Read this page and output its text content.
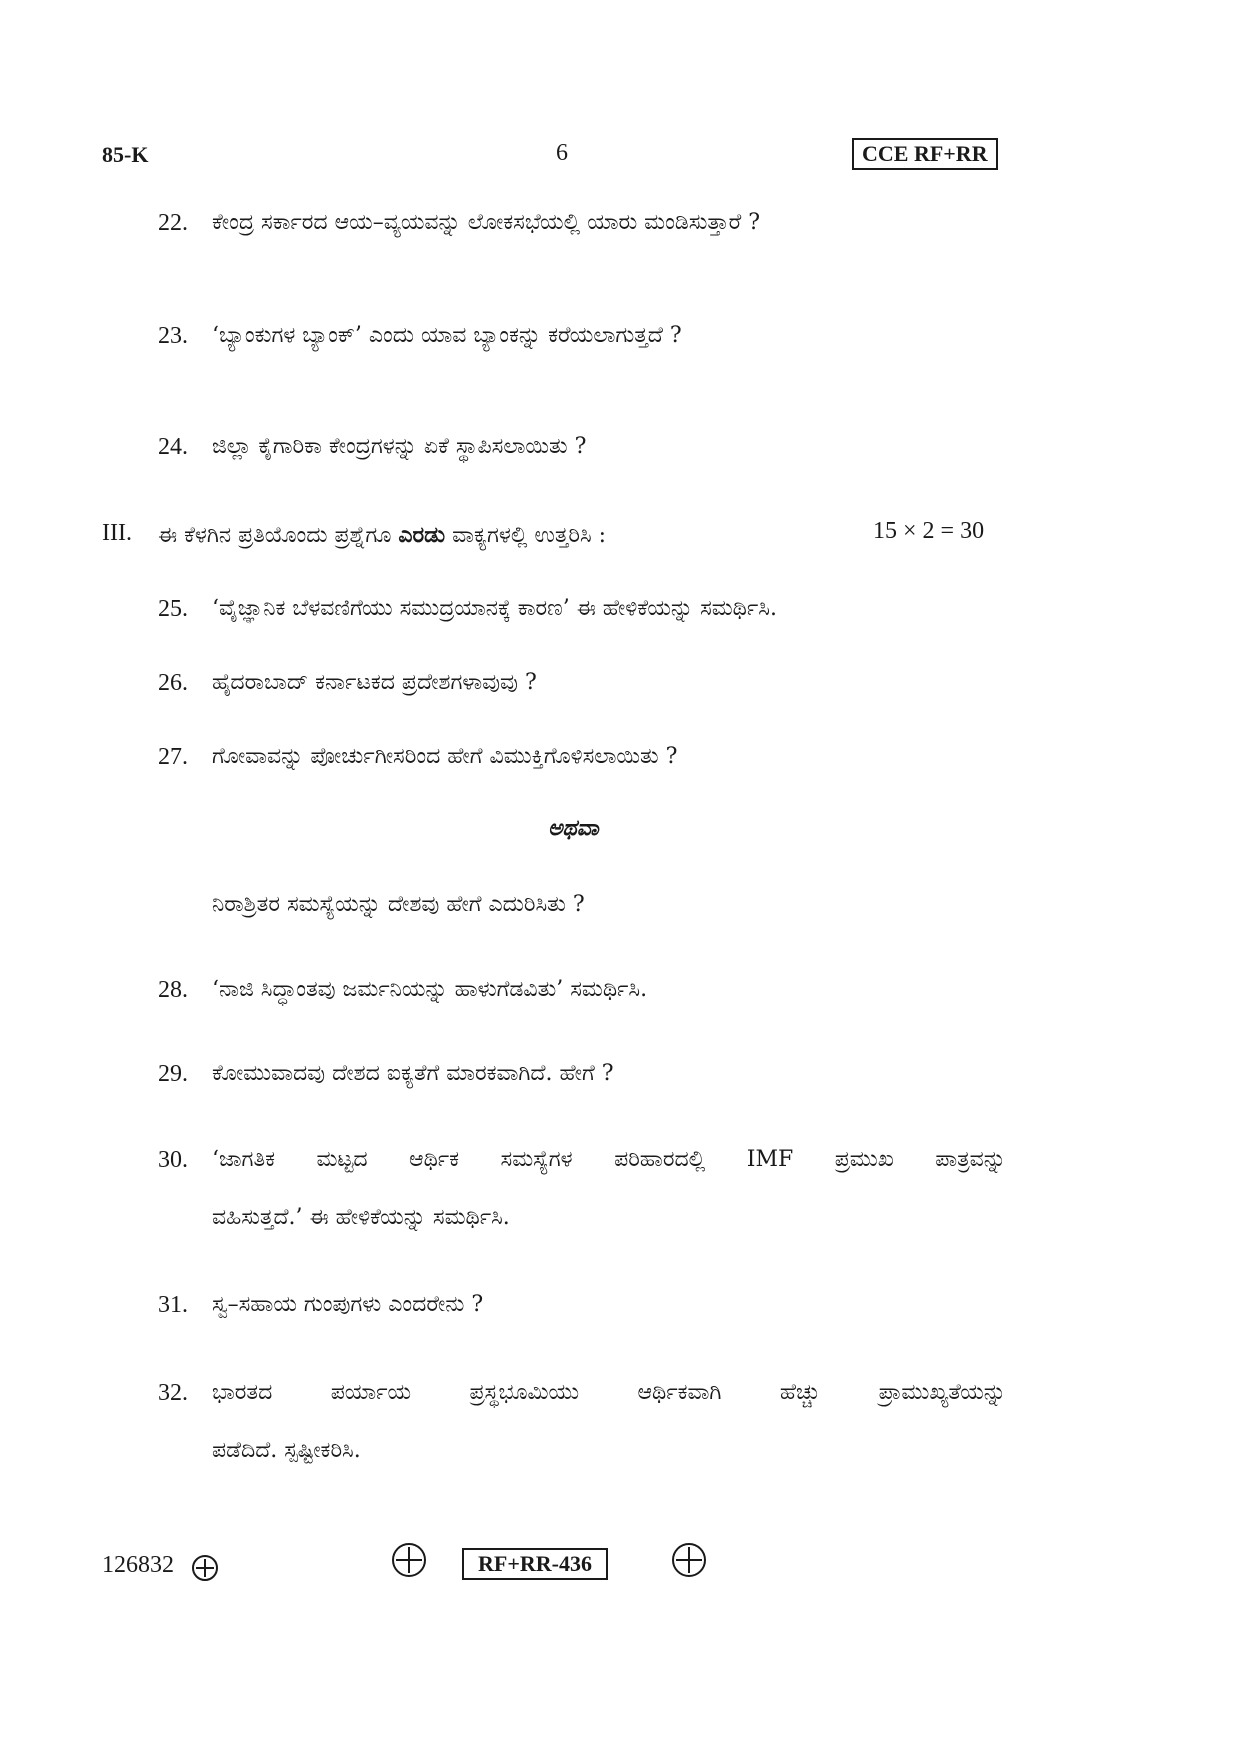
85-K	6	CCE RF+RR
22. ಕೇಂದ್ರ ಸರ್ಕಾರದ ಆಯ–ವ್ಯಯವನ್ನು ಲೋಕಸಭೆಯಲ್ಲಿ ಯಾರು ಮಂಡಿಸುತ್ತಾರೆ ?
23. ‘ಬ್ಯಾಂಕುಗಳ ಬ್ಯಾಂಕ್’ ಎಂದು ಯಾವ ಬ್ಯಾಂಕನ್ನು ಕರೆಯಲಾಗುತ್ತದೆ ?
24. ಜಿಲ್ಲಾ ಕೈಗಾರಿಕಾ ಕೇಂದ್ರಗಳನ್ನು ಏಕೆ ಸ್ಥಾಪಿಸಲಾಯಿತು ?
III. ಈ ಕೆಳಗಿನ ಪ್ರತಿಯೊಂದು ಪ್ರಶ್ನೆಗೂ ಎರಡು ವಾಕ್ಯಗಳಲ್ಲಿ ಉತ್ತರಿಸಿ :	15 × 2 = 30
25. ‘ವೈಜ್ಞಾನಿಕ ಬೆಳವಣಿಗೆಯು ಸಮುದ್ರಯಾನಕ್ಕೆ ಕಾರಣ’ ಈ ಹೇಳಿಕೆಯನ್ನು ಸಮರ್ಥಿಸಿ.
26. ಹೈದರಾಬಾದ್ ಕರ್ನಾಟಕದ ಪ್ರದೇಶಗಳಾವುವು ?
27. ಗೋವಾವನ್ನು ಪೋರ್ಚುಗೀಸರಿಂದ ಹೇಗೆ ವಿಮುಕ್ತಿಗೊಳಿಸಲಾಯಿತು ?
ಅಥವಾ
ನಿರಾಶ್ರಿತರ ಸಮಸ್ಯೆಯನ್ನು ದೇಶವು ಹೇಗೆ ಎದುರಿಸಿತು ?
28. ‘ನಾಜಿ ಸಿದ್ಧಾಂತವು ಜರ್ಮನಿಯನ್ನು ಹಾಳುಗೆಡವಿತು’ ಸಮರ್ಥಿಸಿ.
29. ಕೋಮುವಾದವು ದೇಶದ ಐಕ್ಯತೆಗೆ ಮಾರಕವಾಗಿದೆ. ಹೇಗೆ ?
30. ‘ಜಾಗತಿಕ ಮಟ್ಟದ ಆರ್ಥಿಕ ಸಮಸ್ಯೆಗಳ ಪರಿಹಾರದಲ್ಲಿ IMF ಪ್ರಮುಖ ಪಾತ್ರವನ್ನು
ವಹಿಸುತ್ತದೆ.’ ಈ ಹೇಳಿಕೆಯನ್ನು ಸಮರ್ಥಿಸಿ.
31. ಸ್ವ–ಸಹಾಯ ಗುಂಪುಗಳು ಎಂದರೇನು ?
32. ಭಾರತದ ಪರ್ಯಾಯ ಪ್ರಸ್ಥಭೂಮಿಯು ಆರ್ಥಿಕವಾಗಿ ಹೆಚ್ಚು ಪ್ರಾಮುಖ್ಯತೆಯನ್ನು
ಪಡೆದಿದೆ. ಸ್ಪಷ್ಟೀಕರಿಸಿ.
126832	RF+RR-436
